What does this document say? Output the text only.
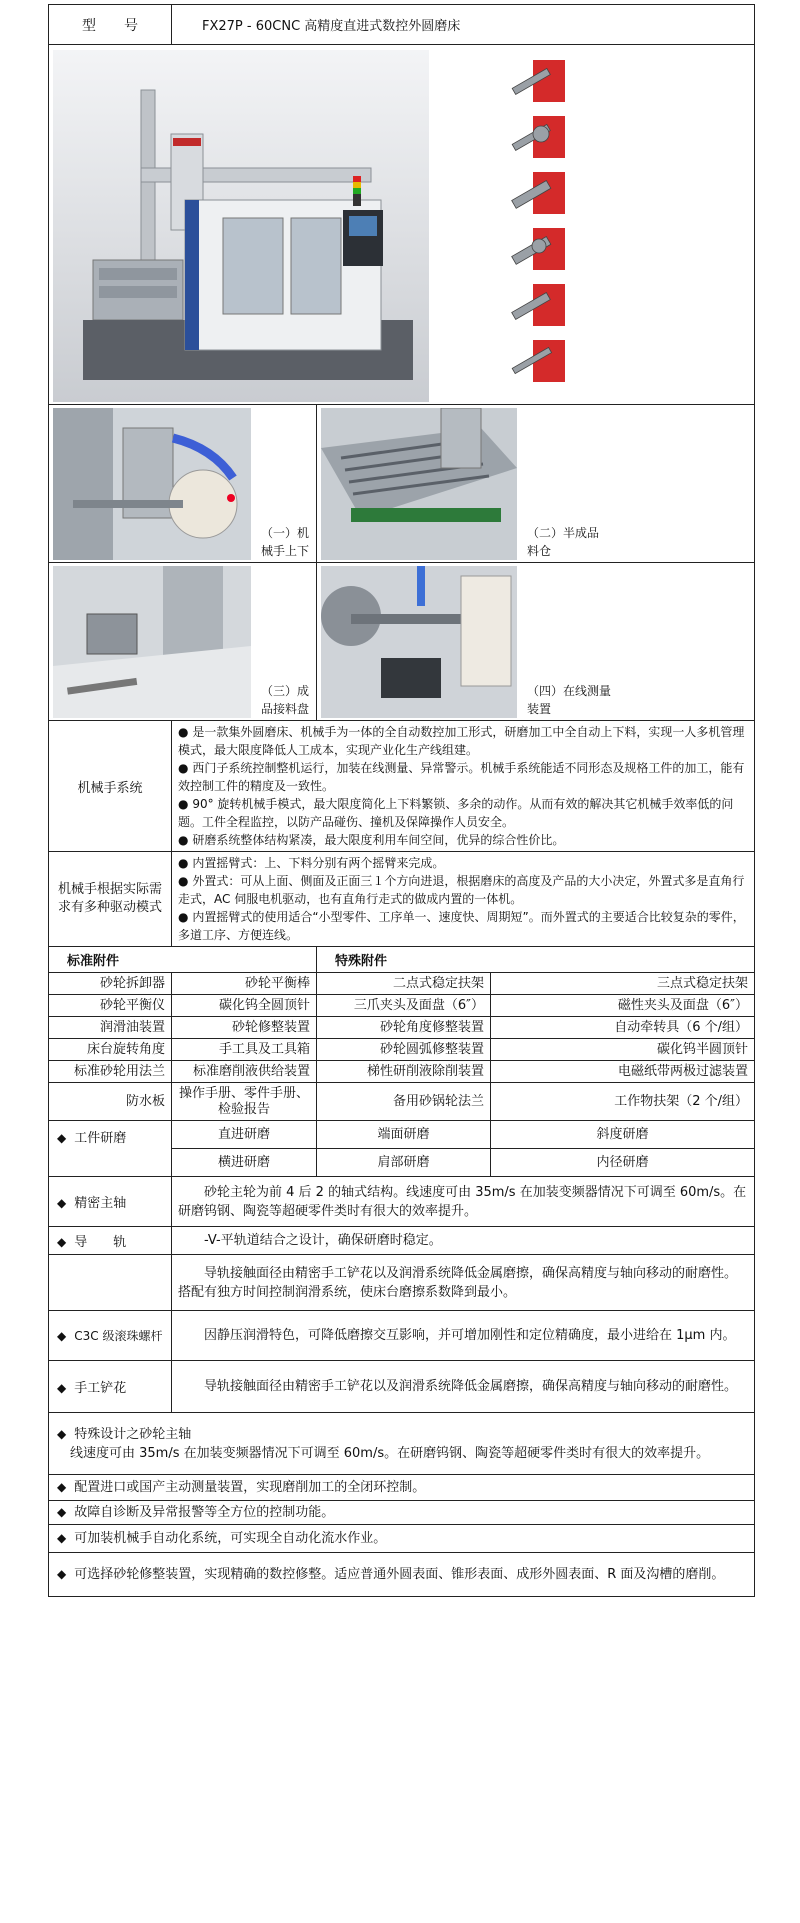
型　　号	FX27P - 60CNC 高精度直进式数控外圆磨床		

（一）机械手上下		（二）半成品料仓	

（三）成品接料盘		（四）在线测量装置	

机械手系统	● 是一款集外圆磨床、机械手为一体的全自动数控加工形式，研磨加工中全自动上下料，实现一人多机管理模式，最大限度降低人工成本，实现产业化生产线组建。
● 西门子系统控制整机运行，加装在线测量、异常警示。机械手系统能适不同形态及规格工件的加工，能有效控制工件的精度及一致性。
● 90° 旋转机械手模式，最大限度简化上下料繁锁、多余的动作。从而有效的解决其它机械手效率低的问题。工件全程监控，以防产品碰伤、撞机及保障操作人员安全。
● 研磨系统整体结构紧凑，最大限度利用车间空间，优异的综合性价比。		

机械手根据实际需求有多种驱动模式	● 内置摇臂式：上、下料分别有两个摇臂来完成。
● 外置式：可从上面、侧面及正面三１个方向进退，根据磨床的高度及产品的大小决定，外置式多是直角行走式，AC 伺服电机驱动，也有直角行走式的做成内置的一体机。
● 内置摇臂式的使用适合“小型零件、工序单一、速度快、周期短”。而外置式的主要适合比较复杂的零件，多道工序、方便连线。		

标准附件		特殊附件	
砂轮拆卸器	砂轮平衡棒	二点式稳定扶架	三点式稳定扶架
砂轮平衡仪	碳化钨全圆顶针	三爪夹头及面盘（6″）	磁性夹头及面盘（6″）
润滑油装置	砂轮修整装置	砂轮角度修整装置	自动牵转具（6 个/组）
床台旋转角度	手工具及工具箱	砂轮圆弧修整装置	碳化钨半圆顶针
标准砂轮用法兰	标准磨削液供给装置	梯性研削液除削装置	电磁纸带两极过滤装置
防水板	操作手册、零件手册、检验报告	备用砂锅轮法兰	工作物扶架（2 个/组）
◆ 工件研磨	直进研磨	端面研磨	斜度研磨
	横进研磨	肩部研磨	内径研磨
◆ 精密主轴	砂轮主轮为前 4 后 2 的轴式结构。线速度可由 35m/s 在加装变频器情况下可调至 60m/s。在研磨钨钢、陶瓷等超硬零件类时有很大的效率提升。		
◆ 导　　轨	-V-平轨道结合之设计，确保研磨时稳定。		
	导轨接触面径由精密手工铲花以及润滑系统降低金属磨擦，确保高精度与轴向移动的耐磨性。搭配有独方时间控制润滑系统，使床台磨擦系数降到最小。		
◆ C3C 级滚珠螺杆	因静压润滑特色，可降低磨擦交互影响，并可增加刚性和定位精确度，最小进给在 1μm 内。		
◆ 手工铲花	导轨接触面径由精密手工铲花以及润滑系统降低金属磨擦，确保高精度与轴向移动的耐磨性。		

◆ 特殊设计之砂轮主轴
线速度可由 35m/s 在加装变频器情况下可调至 60m/s。在研磨钨钢、陶瓷等超硬零件类时有很大的效率提升。			

◆ 配置进口或国产主动测量装置，实现磨削加工的全闭环控制。			
◆ 故障自诊断及异常报警等全方位的控制功能。			
◆ 可加装机械手自动化系统，可实现全自动化流水作业。			
◆ 可选择砂轮修整装置，实现精确的数控修整。适应普通外圆表面、锥形表面、成形外圆表面、R 面及沟槽的磨削。			
